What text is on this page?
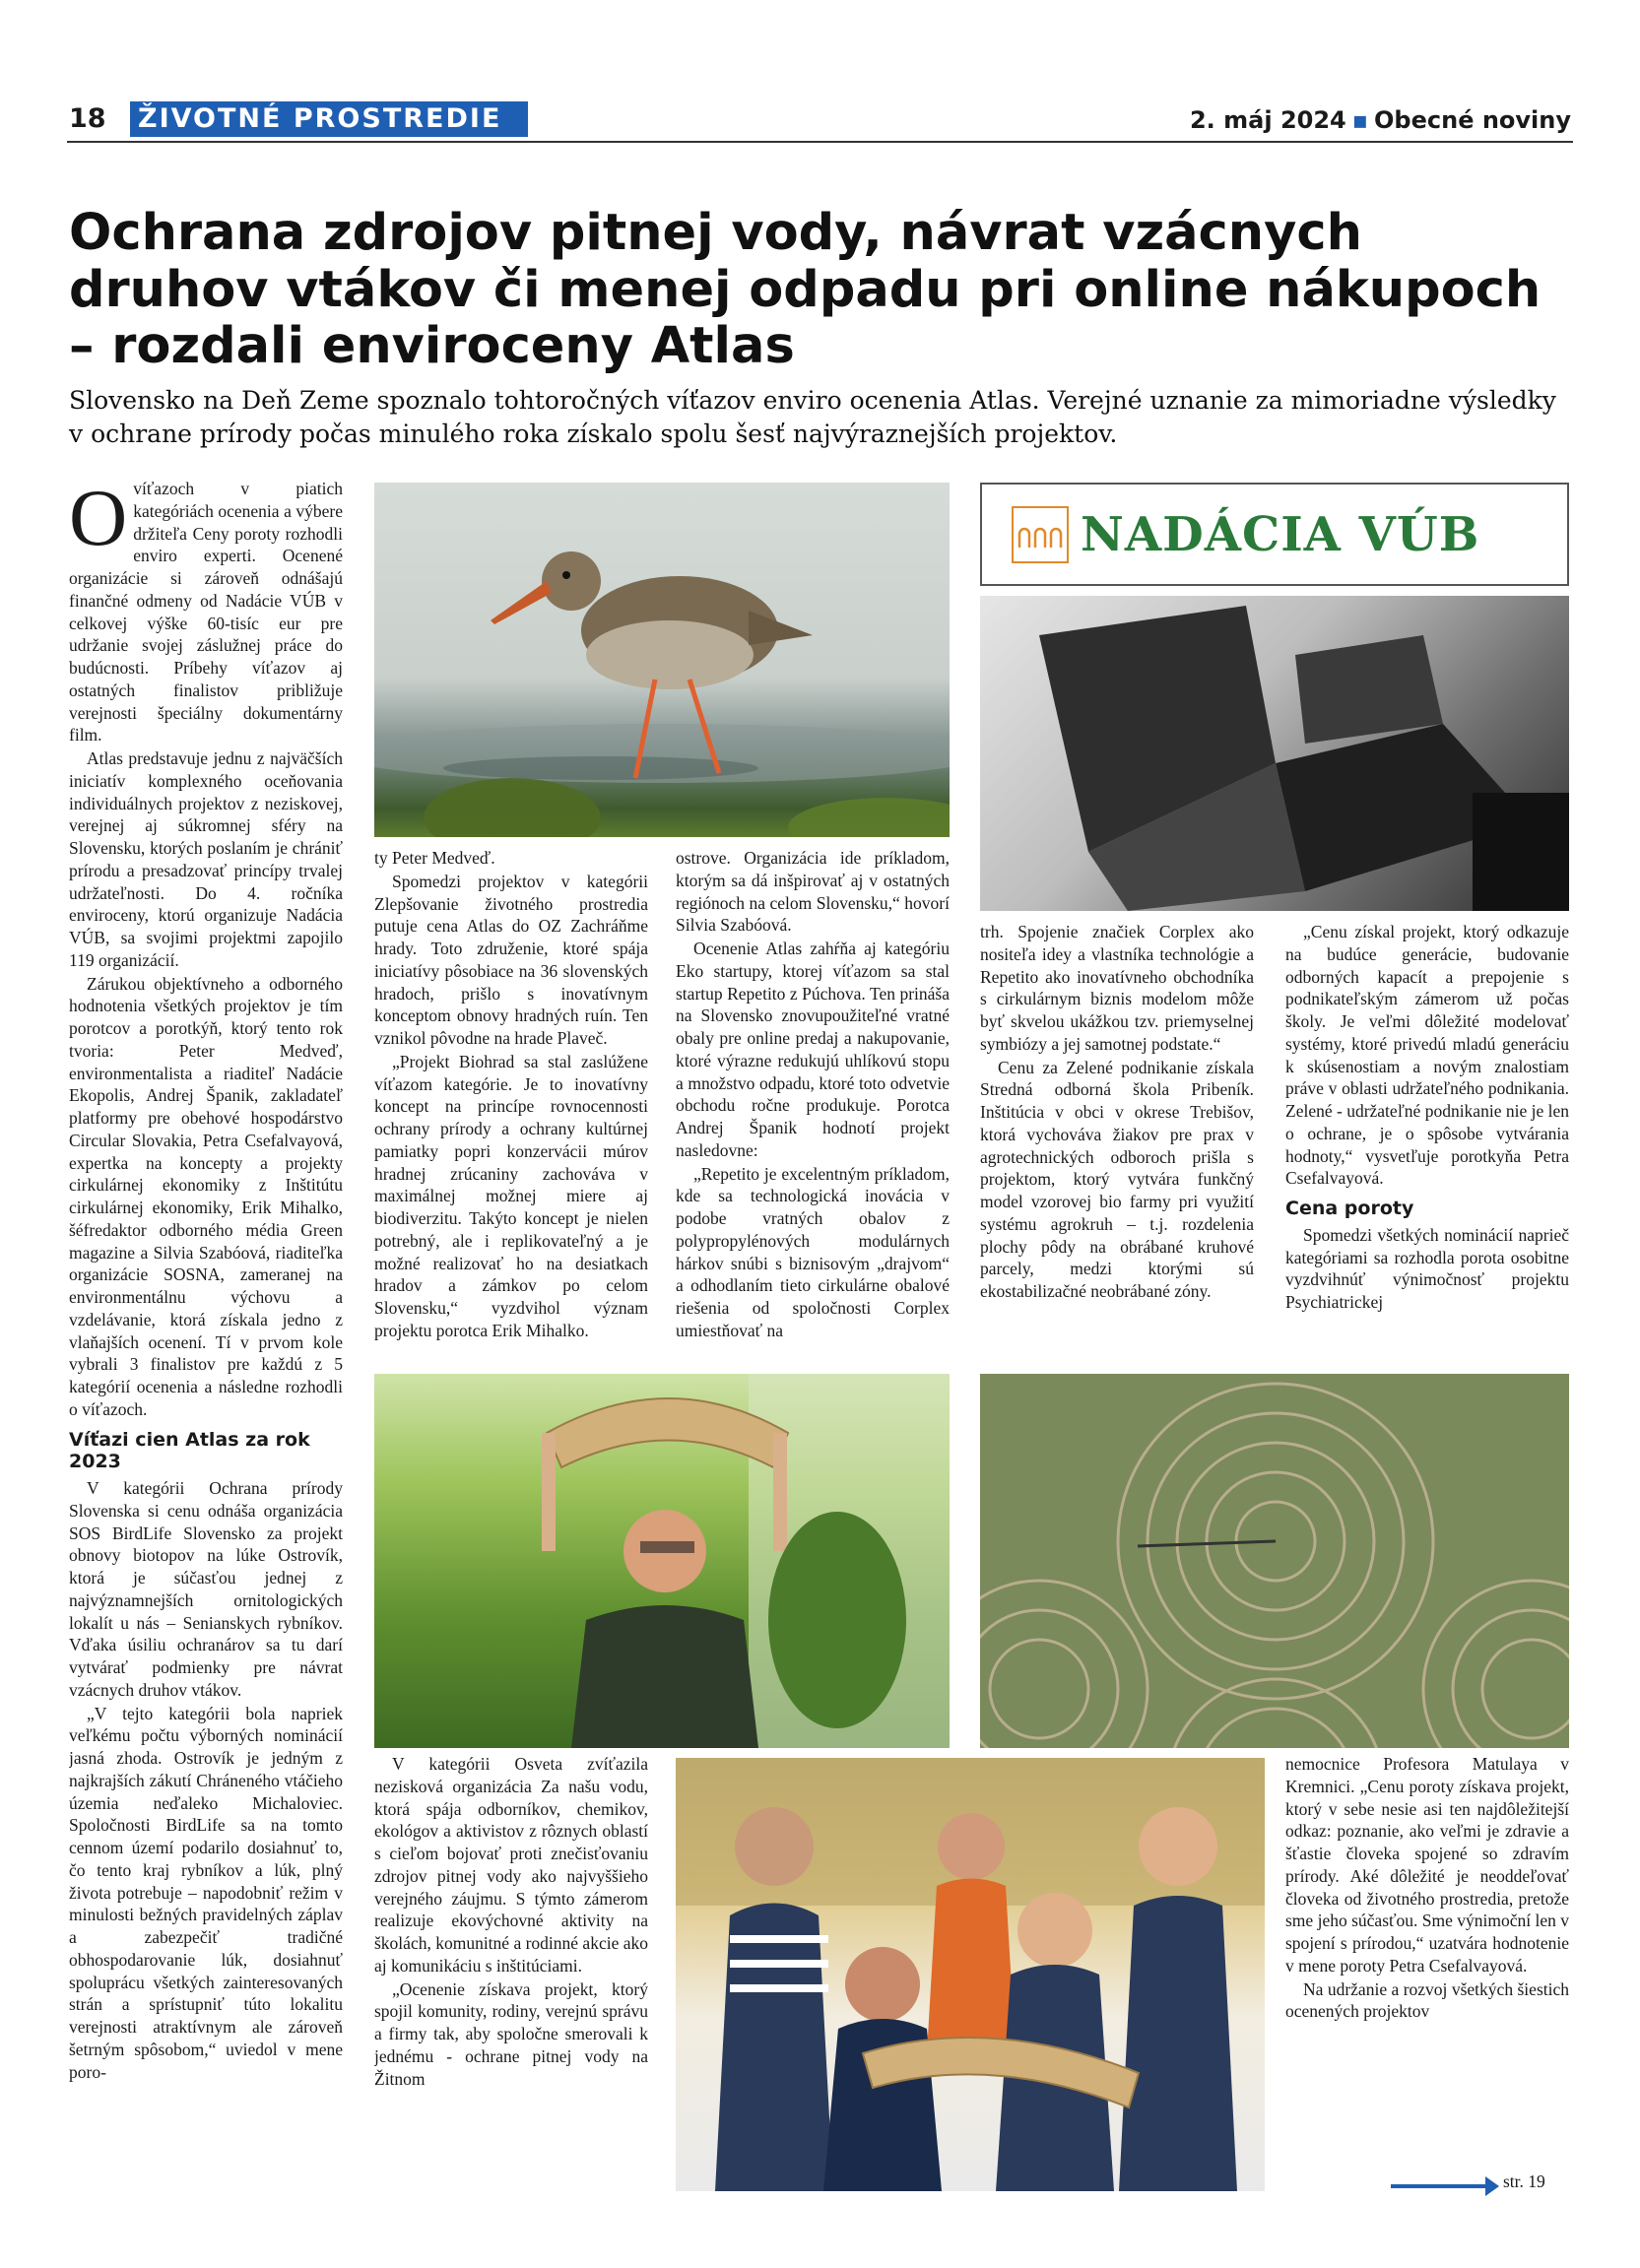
18 ŽIVOTNÉ PROSTREDIE	2. máj 2024 ▪ Obecné noviny
Ochrana zdrojov pitnej vody, návrat vzácnych druhov vtákov či menej odpadu pri online nákupoch – rozdali enviroceny Atlas
Slovensko na Deň Zeme spoznalo tohtoročných víťazov enviro ocenenia Atlas. Verejné uznanie za mimoriadne výsledky v ochrane prírody počas minulého roka získalo spolu šesť najvýraznejších projektov.

Ovíťazoch v piatich kategóriách ocenenia a výbere držiteľa Ceny poroty rozhodli enviro experti. Ocenené organizácie si zároveň odnášajú finančné odmeny od Nadácie VÚB v celkovej výške 60-tisíc eur pre udržanie svojej záslužnej práce do budúcnosti. Príbehy víťazov aj ostatných finalistov približuje verejnosti špeciálny dokumentárny film.

Atlas predstavuje jednu z najväčších iniciatív komplexného oceňovania individuálnych projektov z neziskovej, verejnej aj súkromnej sféry na Slovensku, ktorých poslaním je chrániť prírodu a presadzovať princípy trvalej udržateľnosti. Do 4. ročníka enviroceny, ktorú organizuje Nadácia VÚB, sa svojimi projektmi zapojilo 119 organizácií.

Zárukou objektívneho a odborného hodnotenia všetkých projektov je tím porotcov a porotkýň, ktorý tento rok tvoria: Peter Medveď, environmentalista a riaditeľ Nadácie Ekopolis, Andrej Španik, zakladateľ platformy pre obehové hospodárstvo Circular Slovakia, Petra Csefalvayová, expertka na koncepty a projekty cirkulárnej ekonomiky z Inštitútu cirkulárnej ekonomiky, Erik Mihalko, šéfredaktor odborného média Green magazine a Silvia Szabóová, riaditeľka organizácie SOSNA, zameranej na environmentálnu výchovu a vzdelávanie, ktorá získala jedno z vlaňajších ocenení. Tí v prvom kole vybrali 3 finalistov pre každú z 5 kategórií ocenenia a následne rozhodli o víťazoch.

Víťazi cien Atlas za rok 2023

V kategórii Ochrana prírody Slovenska si cenu odnáša organizácia SOS BirdLife Slovensko za projekt obnovy biotopov na lúke Ostrovík, ktorá je súčasťou jednej z najvýznamnejších ornitologických lokalít u nás – Senianskych rybníkov. Vďaka úsiliu ochranárov sa tu darí vytvárať podmienky pre návrat vzácnych druhov vtákov.

„V tejto kategórii bola napriek veľkému počtu výborných nominácií jasná zhoda. Ostrovík je jedným z najkrajších zákutí Chráneného vtáčieho územia neďaleko Michaloviec. Spoločnosti BirdLife sa na tomto cennom území podarilo dosiahnuť to, čo tento kraj rybníkov a lúk, plný života potrebuje – napodobniť režim v minulosti bežných pravidelných záplav a zabezpečiť tradičné obhospodarovanie lúk, dosiahnuť spoluprácu všetkých zainteresovaných strán a sprístupniť túto lokalitu verejnosti atraktívnym ale zároveň šetrným spôsobom,“ uviedol v mene poro-

NADÁCIA VÚB

ty Peter Medveď.

Spomedzi projektov v kategórii Zlepšovanie životného prostredia putuje cena Atlas do OZ Zachráňme hrady. Toto združenie, ktoré spája iniciatívy pôsobiace na 36 slovenských hradoch, prišlo s inovatívnym konceptom obnovy hradných ruín. Ten vznikol pôvodne na hrade Plaveč.

„Projekt Biohrad sa stal zaslúžene víťazom kategórie. Je to inovatívny koncept na princípe rovnocennosti ochrany prírody a ochrany kultúrnej pamiatky popri konzervácii múrov hradnej zrúcaniny zachováva v maximálnej možnej miere aj biodiverzitu. Takýto koncept je nielen potrebný, ale i replikovateľný a je možné realizovať ho na desiatkach hradov a zámkov po celom Slovensku,“ vyzdvihol význam projektu porotca Erik Mihalko.

ostrove. Organizácia ide príkladom, ktorým sa dá inšpirovať aj v ostatných regiónoch na celom Slovensku,“ hovorí Silvia Szabóová.

Ocenenie Atlas zahŕňa aj kategóriu Eko startupy, ktorej víťazom sa stal startup Repetito z Púchova. Ten prináša na Slovensko znovupoužiteľné vratné obaly pre online predaj a nakupovanie, ktoré výrazne redukujú uhlíkovú stopu a množstvo odpadu, ktoré toto odvetvie obchodu ročne produkuje. Porotca Andrej Španik hodnotí projekt nasledovne:

„Repetito je excelentným príkladom, kde sa technologická inovácia v podobe vratných obalov z polypropylénových modulárnych hárkov snúbi s biznisovým „drajvom“ a odhodlaním tieto cirkulárne obalové riešenia od spoločnosti Corplex umiestňovať na

trh. Spojenie značiek Corplex ako nositeľa idey a vlastníka technológie a Repetito ako inovatívneho obchodníka s cirkulárnym biznis modelom môže byť skvelou ukážkou tzv. priemyselnej symbiózy a jej samotnej podstate.“

Cenu za Zelené podnikanie získala Stredná odborná škola Pribeník. Inštitúcia v obci v okrese Trebišov, ktorá vychováva žiakov pre prax v agrotechnických odboroch prišla s projektom, ktorý vytvára funkčný model vzorovej bio farmy pri využití systému agrokruh – t.j. rozdelenia plochy pôdy na obrábané kruhové parcely, medzi ktorými sú ekostabilizačné neobrábané zóny.

„Cenu získal projekt, ktorý odkazuje na budúce generácie, budovanie odborných kapacít a prepojenie s podnikateľským zámerom už počas školy. Je veľmi dôležité modelovať systémy, ktoré privedú mladú generáciu k skúsenostiam a novým znalostiam práve v oblasti udržateľného podnikania. Zelené - udržateľné podnikanie nie je len o ochrane, je o spôsobe vytvárania hodnoty,“ vysvetľuje porotkyňa Petra Csefalvayová.

Cena poroty

Spomedzi všetkých nominácií naprieč kategóriami sa rozhodla porota osobitne vyzdvihnúť výnimočnosť projektu Psychiatrickej

V kategórii Osveta zvíťazila nezisková organizácia Za našu vodu, ktorá spája odborníkov, chemikov, ekológov a aktivistov z rôznych oblastí s cieľom bojovať proti znečisťovaniu zdrojov pitnej vody ako najvyššieho verejného záujmu. S týmto zámerom realizuje ekovýchovné aktivity na školách, komunitné a rodinné akcie ako aj komunikáciu s inštitúciami.

„Ocenenie získava projekt, ktorý spojil komunity, rodiny, verejnú správu a firmy tak, aby spoločne smerovali k jednému - ochrane pitnej vody na Žitnom

nemocnice Profesora Matulaya v Kremnici. „Cenu poroty získava projekt, ktorý v sebe nesie asi ten najdôležitejší odkaz: poznanie, ako veľmi je zdravie a šťastie človeka spojené so zdravím prírody. Aké dôležité je neoddeľovať človeka od životného prostredia, pretože sme jeho súčasťou. Sme výnimoční len v spojení s prírodou,“ uzatvára hodnotenie v mene poroty Petra Csefalvayová.

Na udržanie a rozvoj všetkých šiestich ocenených projektov

str. 19
